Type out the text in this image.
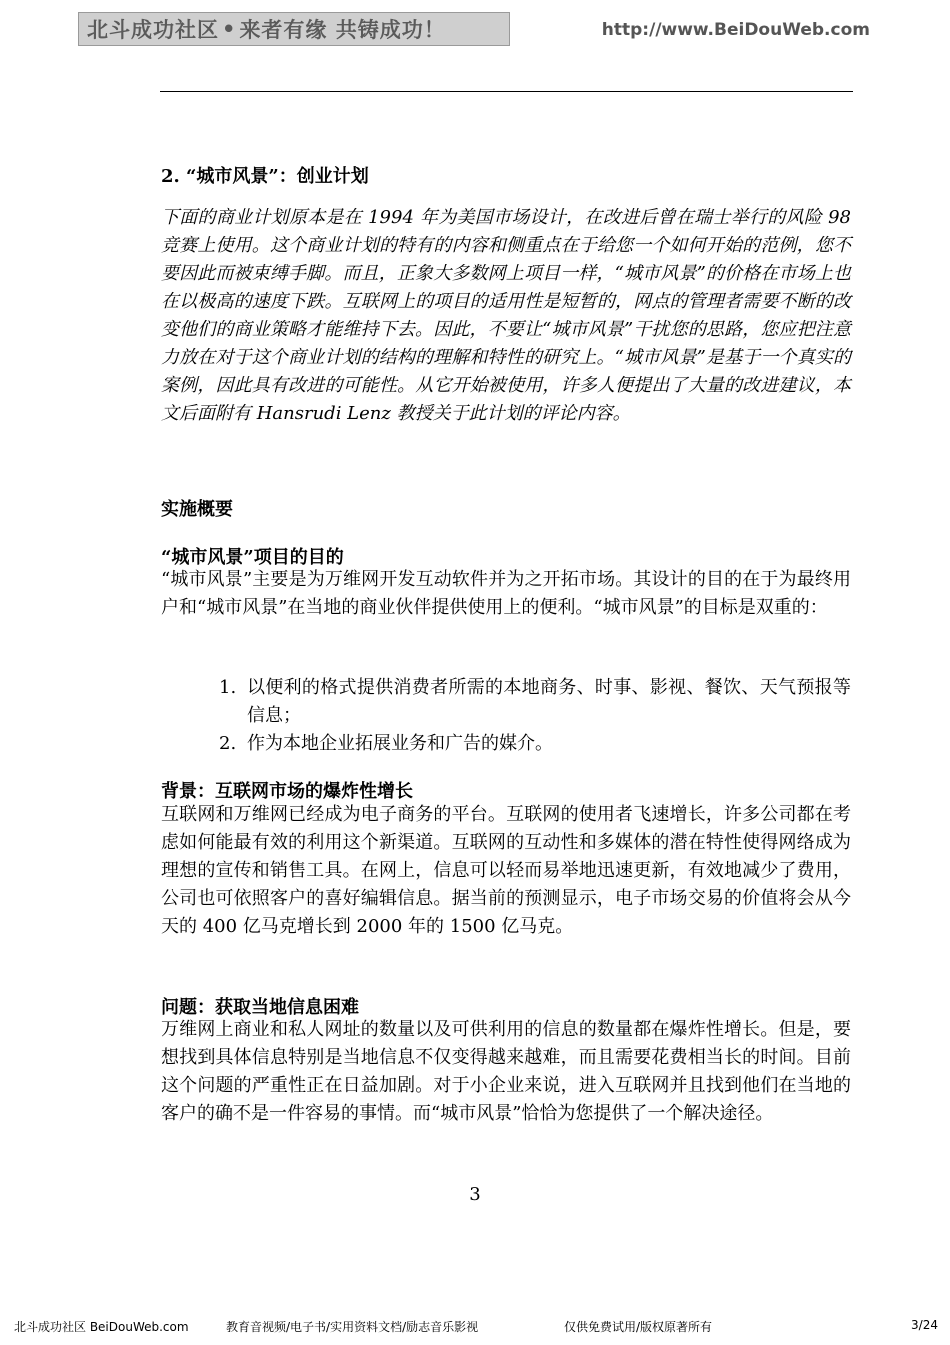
北斗成功社区 • 来者有缘 共铸成功！	http://www.BeiDouWeb.com
2. “城市风景”：创业计划

下面的商业计划原本是在 1994 年为美国市场设计，在改进后曾在瑞士举行的风险 98 竞赛上使用。这个商业计划的特有的内容和侧重点在于给您一个如何开始的范例，您不要因此而被束缚手脚。而且，正象大多数网上项目一样，“城市风景”的价格在市场上也在以极高的速度下跌。互联网上的项目的适用性是短暂的，网点的管理者需要不断的改变他们的商业策略才能维持下去。因此，不要让“城市风景”干扰您的思路，您应把注意力放在对于这个商业计划的结构的理解和特性的研究上。“城市风景”是基于一个真实的案例，因此具有改进的可能性。从它开始被使用，许多人便提出了大量的改进建议，本文后面附有 Hansrudi Lenz 教授关于此计划的评论内容。

实施概要
“城市风景”项目的目的

“城市风景”主要是为万维网开发互动软件并为之开拓市场。其设计的目的在于为最终用户和“城市风景”在当地的商业伙伴提供使用上的便利。“城市风景”的目标是双重的：

1. 以便利的格式提供消费者所需的本地商务、时事、影视、餐饮、天气预报等信息；
2. 作为本地企业拓展业务和广告的媒介。
背景：互联网市场的爆炸性增长

互联网和万维网已经成为电子商务的平台。互联网的使用者飞速增长，许多公司都在考虑如何能最有效的利用这个新渠道。互联网的互动性和多媒体的潜在特性使得网络成为理想的宣传和销售工具。在网上，信息可以轻而易举地迅速更新，有效地减少了费用，公司也可依照客户的喜好编辑信息。据当前的预测显示，电子市场交易的价值将会从今天的 400 亿马克增长到 2000 年的 1500 亿马克。

问题：获取当地信息困难

万维网上商业和私人网址的数量以及可供利用的信息的数量都在爆炸性增长。但是，要想找到具体信息特别是当地信息不仅变得越来越难，而且需要花费相当长的时间。目前这个问题的严重性正在日益加剧。对于小企业来说，进入互联网并且找到他们在当地的客户的确不是一件容易的事情。而“城市风景”恰恰为您提供了一个解决途径。

3
北斗成功社区 BeiDouWeb.com	教育音视频/电子书/实用资料文档/励志音乐影视	仅供免费试用/版权原著所有	3/24
